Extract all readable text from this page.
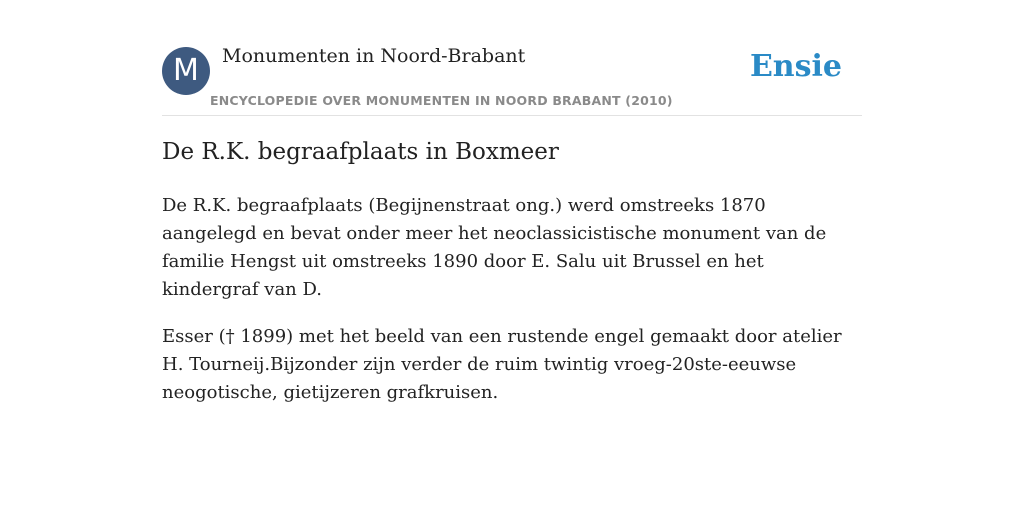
M	Monumenten in Noord-Brabant
ENCYCLOPEDIE OVER MONUMENTEN IN NOORD BRABANT (2010)
Ensie
De R.K. begraafplaats in Boxmeer

De R.K. begraafplaats (Begijnenstraat ong.) werd omstreeks 1870 aangelegd en bevat onder meer het neoclassicistische monument van de familie Hengst uit omstreeks 1890 door E. Salu uit Brussel en het kindergraf van D.

Esser († 1899) met het beeld van een rustende engel gemaakt door atelier H. Tourneij.Bijzonder zijn verder de ruim twintig vroeg-20ste-eeuwse neogotische, gietijzeren grafkruisen.
